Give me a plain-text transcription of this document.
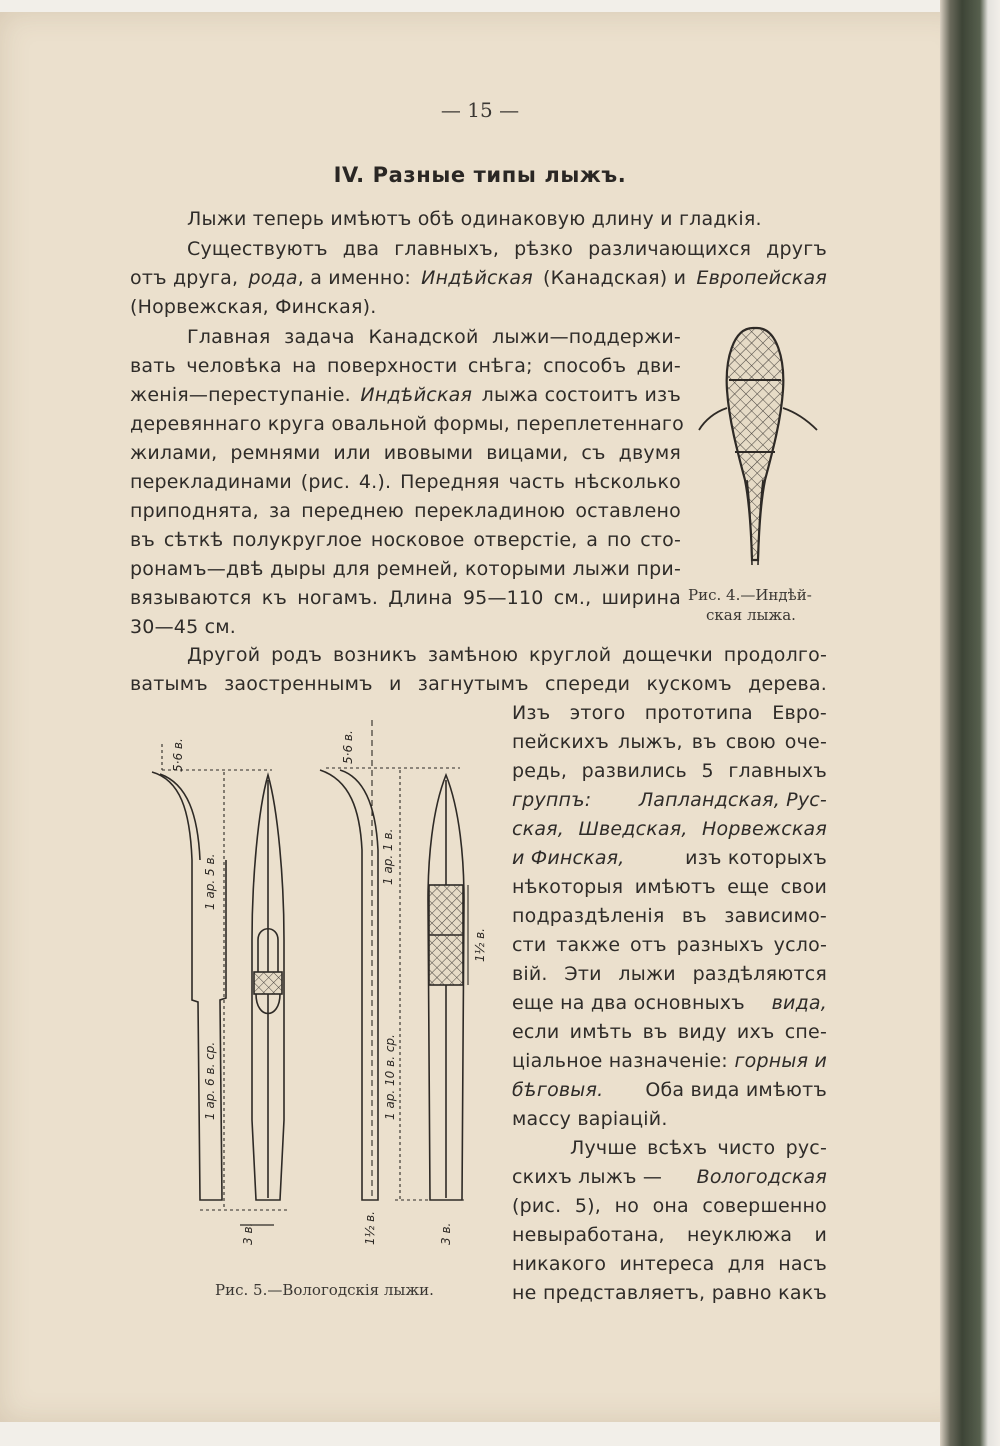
— 15 —
IV. Разные типы лыжъ.
Лыжи теперь имѣютъ обѣ одинаковую длину и гладкія.
Существуютъ два главныхъ, рѣзко различающихся другъ
отъ друга, рода, а именно: Индѣйская (Канадская) и Европейская
(Норвежская, Финская).
Главная задача Канадской лыжи—поддержи-
вать человѣка на поверхности снѣга; способъ дви-
женія—переступаніе. Индѣйская лыжа состоитъ изъ
деревяннаго круга овальной формы, переплетеннаго
жилами, ремнями или ивовыми вицами, съ двумя
перекладинами (рис. 4.). Передняя часть нѣсколько
приподнята, за переднею перекладиною оставлено
въ сѣткѣ полукруглое носковое отверстіе, а по сто-
ронамъ—двѣ дыры для ремней, которыми лыжи при-
вязываются къ ногамъ. Длина 95—110 см., ширина
30—45 см.
Рис. 4.—Индѣй-
ская лыжа.
Другой родъ возникъ замѣною круглой дощечки продолго-
ватымъ заостреннымъ и загнутымъ спереди кускомъ дерева.
Изъ этого прототипа Евро-
пейскихъ лыжъ, въ свою оче-
редь, развились 5 главныхъ
группъ: Лапландская, Рус-
ская, Шведская, Норвежская
и Финская,	изъ которыхъ
нѣкоторыя имѣютъ еще свои
подраздѣленія въ зависимо-
сти также отъ разныхъ усло-
вій. Эти лыжи раздѣляются
еще на два основныхъ вида,
если имѣть въ виду ихъ спе-
ціальное назначеніе: горныя и
бѣговыя. Оба вида имѣютъ
массу варіацій.
Лучше всѣхъ чисто рус-
скихъ лыжъ — Вологодская
(рис. 5), но она совершенно
невыработана, неуклюжа и
никакого интереса для насъ
не представляетъ, равно какъ
5·6 в.
1 ар. 5 в.
1 ар. 6 в. ср.
3 в.
5·6 в.
1 ар. 1 в.
1 ар. 10 в. ср.
1½ в.
1½ в.
3 в.
Рис. 5.—Вологодскія лыжи.
